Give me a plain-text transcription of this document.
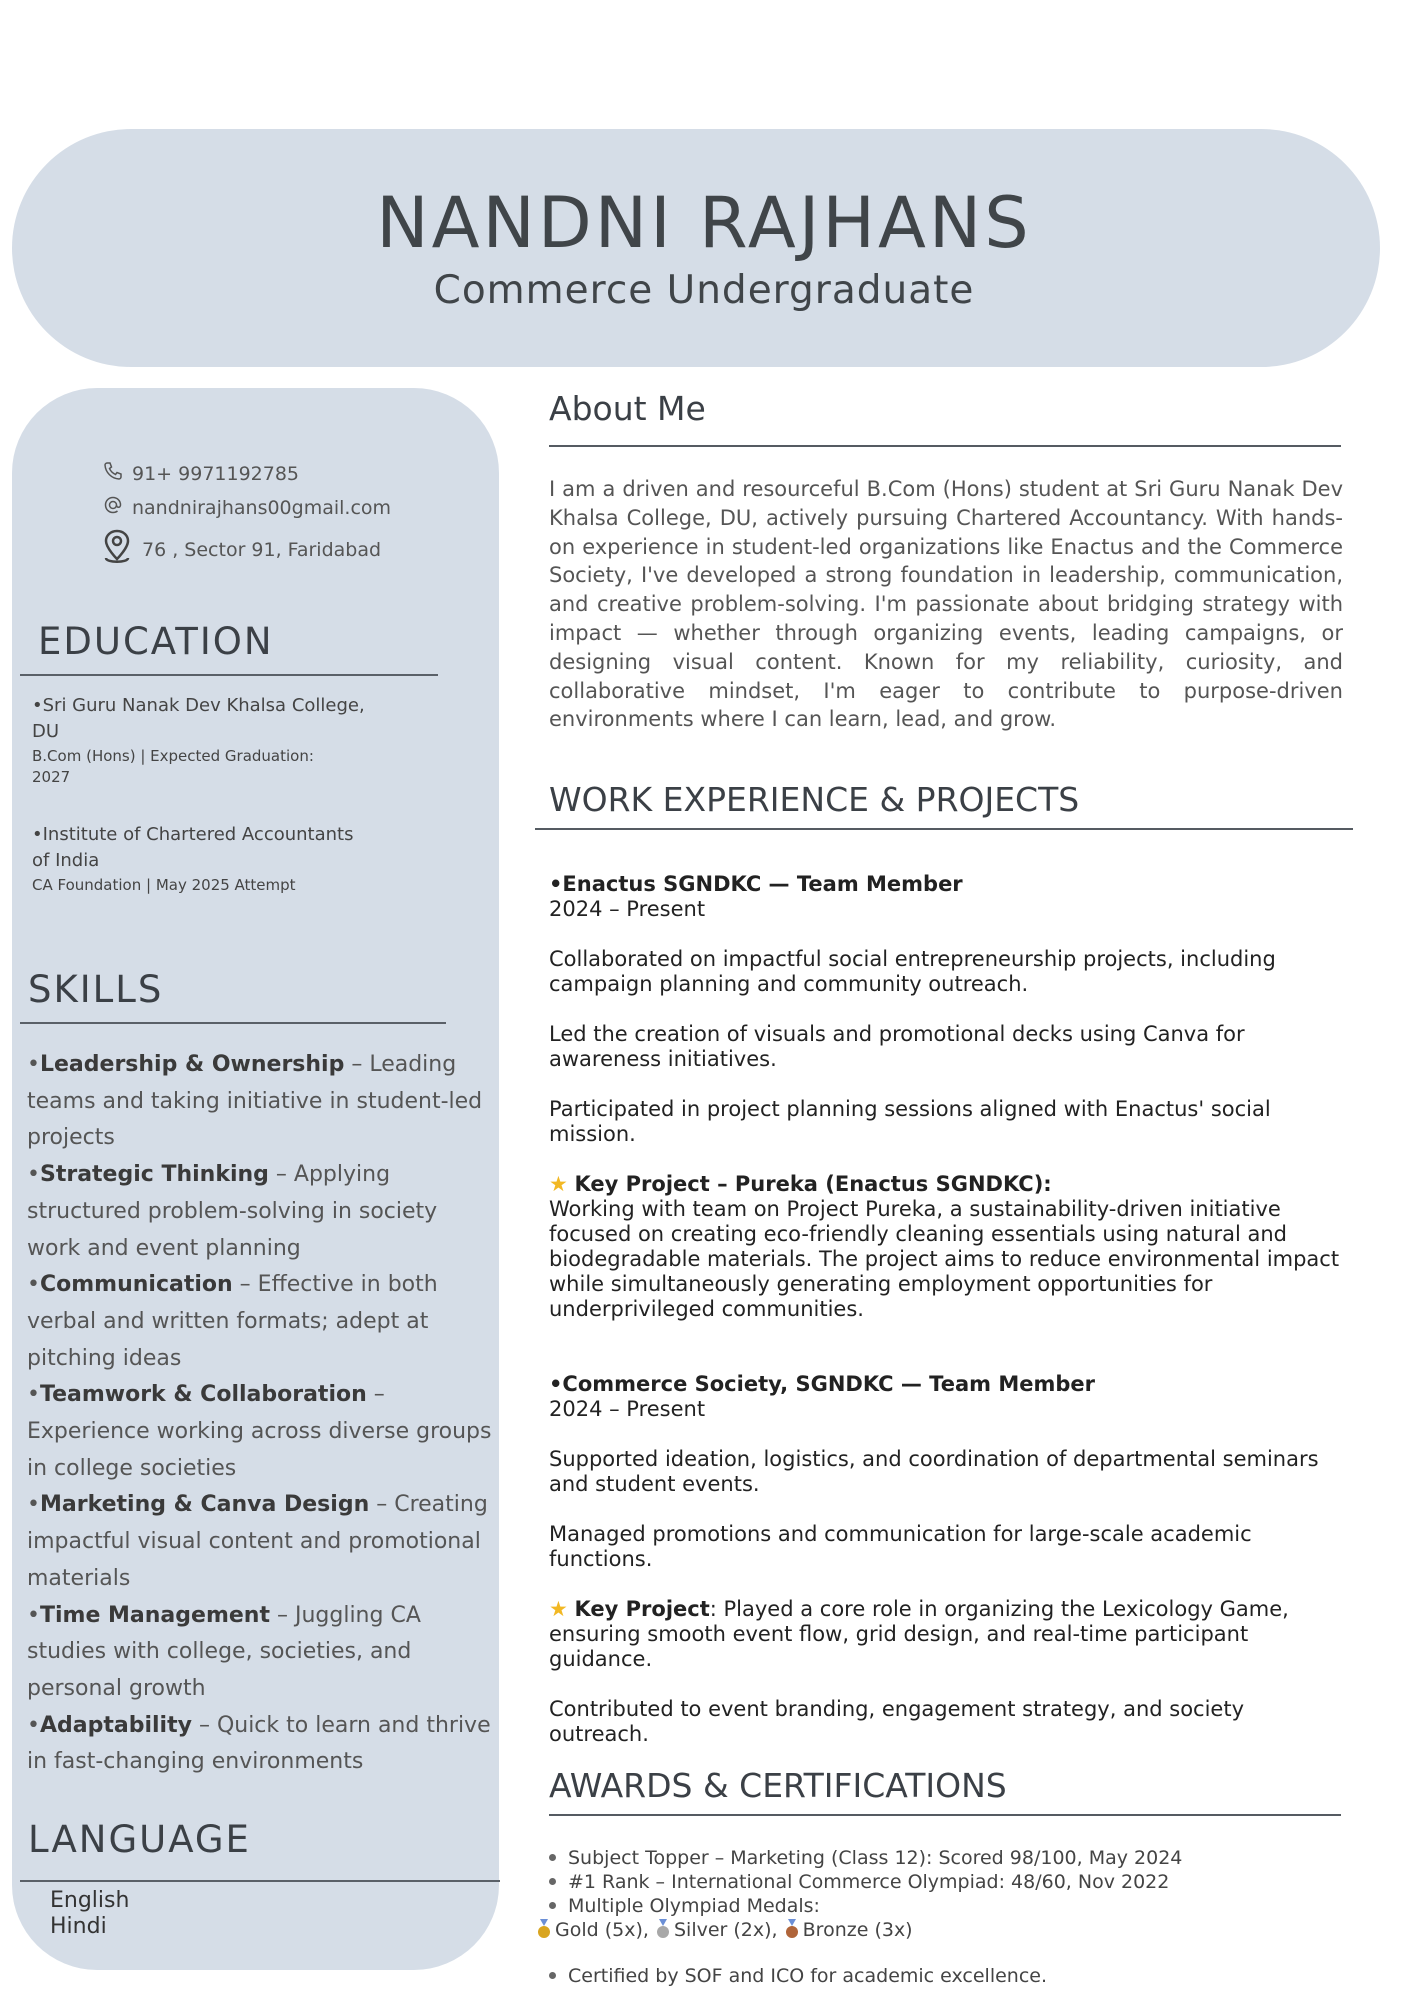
NANDNI RAJHANS
Commerce Undergraduate
91+ 9971192785
nandnirajhans00gmail.com
76 , Sector 91, Faridabad
EDUCATION
•Sri Guru Nanak Dev Khalsa College,
DU
B.Com (Hons) | Expected Graduation:
2027
•Institute of Chartered Accountants
of India
CA Foundation | May 2025 Attempt
SKILLS
•Leadership & Ownership – Leading teams and taking initiative in student-led projects
•Strategic Thinking – Applying structured problem-solving in society work and event planning
•Communication – Effective in both verbal and written formats; adept at pitching ideas
•Teamwork & Collaboration – Experience working across diverse groups in college societies
•Marketing & Canva Design – Creating impactful visual content and promotional materials
•Time Management – Juggling CA studies with college, societies, and personal growth
•Adaptability – Quick to learn and thrive in fast-changing environments
LANGUAGE
English
Hindi
About Me
I am a driven and resourceful B.Com (Hons) student at Sri Guru Nanak Dev Khalsa College, DU, actively pursuing Chartered Accountancy. With hands-on experience in student-led organizations like Enactus and the Commerce Society, I've developed a strong foundation in leadership, communication, and creative problem-solving. I'm passionate about bridging strategy with impact — whether through organizing events, leading campaigns, or designing visual content. Known for my reliability, curiosity, and collaborative mindset, I'm eager to contribute to purpose-driven environments where I can learn, lead, and grow.
WORK EXPERIENCE & PROJECTS
•Enactus SGNDKC — Team Member
2024 – Present
Collaborated on impactful social entrepreneurship projects, including campaign planning and community outreach.
Led the creation of visuals and promotional decks using Canva for awareness initiatives.
Participated in project planning sessions aligned with Enactus' social mission.
★ Key Project – Pureka (Enactus SGNDKC):
Working with team on Project Pureka, a sustainability-driven initiative focused on creating eco-friendly cleaning essentials using natural and biodegradable materials. The project aims to reduce environmental impact while simultaneously generating employment opportunities for underprivileged communities.
•Commerce Society, SGNDKC — Team Member
2024 – Present
Supported ideation, logistics, and coordination of departmental seminars and student events.
Managed promotions and communication for large-scale academic functions.
★ Key Project: Played a core role in organizing the Lexicology Game, ensuring smooth event flow, grid design, and real-time participant guidance.
Contributed to event branding, engagement strategy, and society outreach.
AWARDS & CERTIFICATIONS
Subject Topper – Marketing (Class 12): Scored 98/100, May 2024
#1 Rank – International Commerce Olympiad: 48/60, Nov 2022
Multiple Olympiad Medals:
Gold (5x), Silver (2x), Bronze (3x)
Certified by SOF and ICO for academic excellence.
